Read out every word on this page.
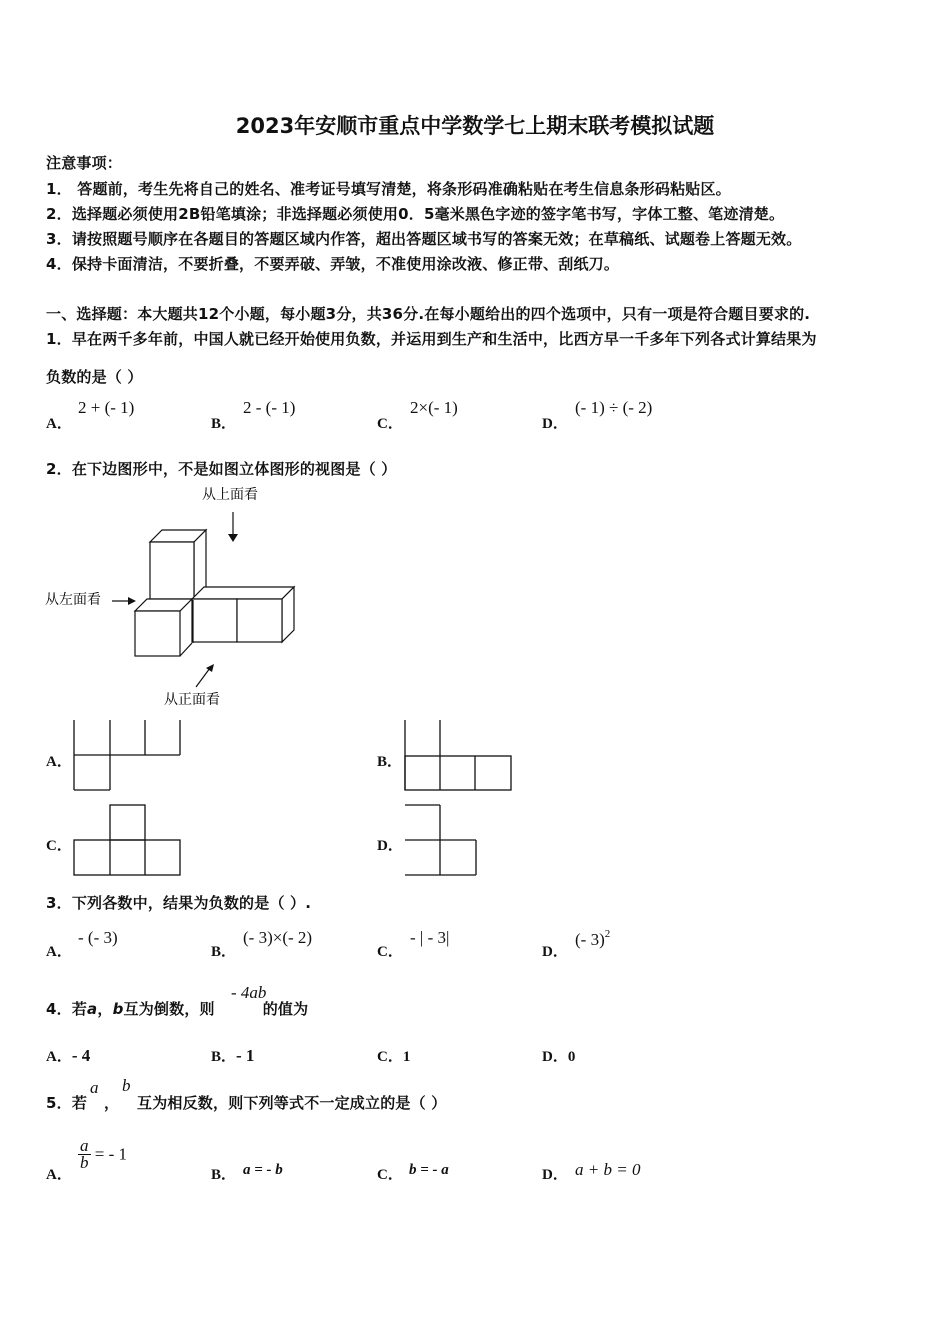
2023年安顺市重点中学数学七上期末联考模拟试题
注意事项：
1． 答题前，考生先将自己的姓名、准考证号填写清楚，将条形码准确粘贴在考生信息条形码粘贴区。
2．选择题必须使用2B铅笔填涂；非选择题必须使用0．5毫米黑色字迹的签字笔书写，字体工整、笔迹清楚。
3．请按照题号顺序在各题目的答题区域内作答，超出答题区域书写的答案无效；在草稿纸、试题卷上答题无效。
4．保持卡面清洁，不要折叠，不要弄破、弄皱，不准使用涂改液、修正带、刮纸刀。
一、选择题：本大题共12个小题，每小题3分，共36分.在每小题给出的四个选项中，只有一项是符合题目要求的.
1．早在两千多年前，中国人就已经开始使用负数，并运用到生产和生活中，比西方早一千多年下列各式计算结果为
负数的是（ ）
A．
2 + (- 1)
B．
2 - (- 1)
C．
2×(- 1)
D．
(- 1) ÷ (- 2)
2．在下边图形中，不是如图立体图形的视图是（ ）
从上面看
从左面看
从正面看
A．	B．
C．	D．
3．下列各数中，结果为负数的是（ ）.
A．
- (- 3)
B．
(- 3)×(- 2)
C．
- | - 3|
D．
(- 3)$^2$
4．若a，b互为倒数，则	的值为
- 4ab
A．- 4	B．- 1	C．1	D．0
5．若
a
，
b
互为相反数，则下列等式不一定成立的是（ ）
A．
$\frac{a}{b}$ = - 1
B． a = - b	C． b = - a	D． a + b = 0
